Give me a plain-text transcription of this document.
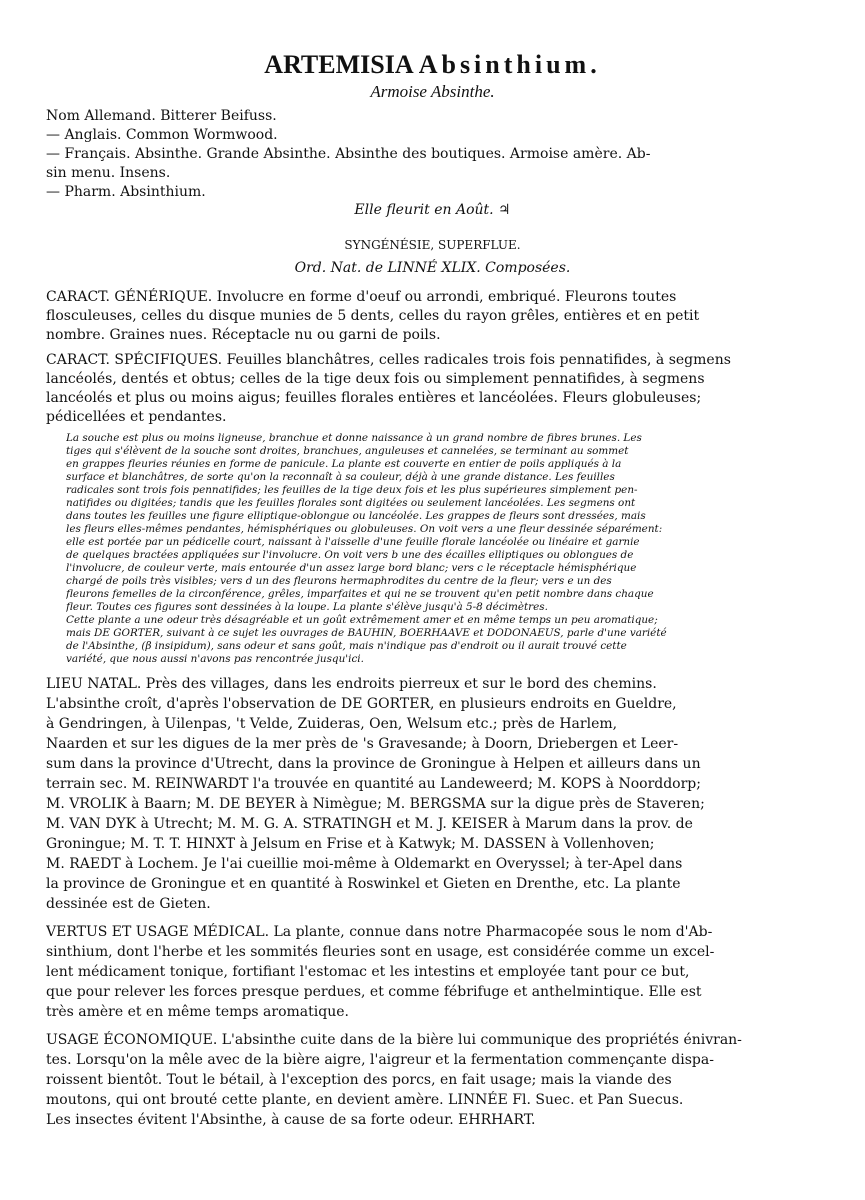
ARTEMISIA Absinthium.
Armoise Absinthe.
Nom Allemand. Bitterer Beifuss.
— Anglais. Common Wormwood.
— Français. Absinthe. Grande Absinthe. Absinthe des boutiques. Armoise amère. Ab-
sin menu. Insens.
— Pharm. Absinthium.
Elle fleurit en Août. ♃
SYNGÉNÉSIE, SUPERFLUE.
Ord. Nat. de LINNÉ XLIX. Composées.
CARACT. GÉNÉRIQUE. Involucre en forme d'oeuf ou arrondi, embriqué. Fleurons toutes
flosculeuses, celles du disque munies de 5 dents, celles du rayon grêles, entières et en petit
nombre. Graines nues. Réceptacle nu ou garni de poils.
CARACT. SPÉCIFIQUES. Feuilles blanchâtres, celles radicales trois fois pennatifides, à segmens
lancéolés, dentés et obtus; celles de la tige deux fois ou simplement pennatifides, à segmens
lancéolés et plus ou moins aigus; feuilles florales entières et lancéolées. Fleurs globuleuses;
pédicellées et pendantes.
La souche est plus ou moins ligneuse, branchue et donne naissance à un grand nombre de fibres brunes. Les
tiges qui s'élèvent de la souche sont droites, branchues, anguleuses et cannelées, se terminant au sommet
en grappes fleuries réunies en forme de panicule. La plante est couverte en entier de poils appliqués à la
surface et blanchâtres, de sorte qu'on la reconnaît à sa couleur, déjà à une grande distance. Les feuilles
radicales sont trois fois pennatifides; les feuilles de la tige deux fois et les plus supérieures simplement pen-
natifides ou digitées; tandis que les feuilles florales sont digitées ou seulement lancéolées. Les segmens ont
dans toutes les feuilles une figure elliptique-oblongue ou lancéolée. Les grappes de fleurs sont dressées, mais
les fleurs elles-mêmes pendantes, hémisphériques ou globuleuses. On voit vers a une fleur dessinée séparément:
elle est portée par un pédicelle court, naissant à l'aisselle d'une feuille florale lancéolée ou linéaire et garnie
de quelques bractées appliquées sur l'involucre. On voit vers b une des écailles elliptiques ou oblongues de
l'involucre, de couleur verte, mais entourée d'un assez large bord blanc; vers c le réceptacle hémisphérique
chargé de poils très visibles; vers d un des fleurons hermaphrodites du centre de la fleur; vers e un des
fleurons femelles de la circonférence, grêles, imparfaites et qui ne se trouvent qu'en petit nombre dans chaque
fleur. Toutes ces figures sont dessinées à la loupe. La plante s'élève jusqu'à 5-8 décimètres.
Cette plante a une odeur très désagréable et un goût extrêmement amer et en même temps un peu aromatique;
mais DE GORTER, suivant à ce sujet les ouvrages de BAUHIN, BOERHAAVE et DODONAEUS, parle d'une variété
de l'Absinthe, (β insipidum), sans odeur et sans goût, mais n'indique pas d'endroit ou il aurait trouvé cette
variété, que nous aussi n'avons pas rencontrée jusqu'ici.
LIEU NATAL. Près des villages, dans les endroits pierreux et sur le bord des chemins.
L'absinthe croît, d'après l'observation de DE GORTER, en plusieurs endroits en Gueldre,
à Gendringen, à Uilenpas, 't Velde, Zuideras, Oen, Welsum etc.; près de Harlem,
Naarden et sur les digues de la mer près de 's Gravesande; à Doorn, Driebergen et Leer-
sum dans la province d'Utrecht, dans la province de Groningue à Helpen et ailleurs dans un
terrain sec. M. REINWARDT l'a trouvée en quantité au Landeweerd; M. KOPS à Noorddorp;
M. VROLIK à Baarn; M. DE BEYER à Nimègue; M. BERGSMA sur la digue près de Staveren;
M. VAN DYK à Utrecht; M. M. G. A. STRATINGH et M. J. KEISER à Marum dans la prov. de
Groningue; M. T. T. HINXT à Jelsum en Frise et à Katwyk; M. DASSEN à Vollenhoven;
M. RAEDT à Lochem. Je l'ai cueillie moi-même à Oldemarkt en Overyssel; à ter-Apel dans
la province de Groningue et en quantité à Roswinkel et Gieten en Drenthe, etc. La plante
dessinée est de Gieten.
VERTUS ET USAGE MÉDICAL. La plante, connue dans notre Pharmacopée sous le nom d'Ab-
sinthium, dont l'herbe et les sommités fleuries sont en usage, est considérée comme un excel-
lent médicament tonique, fortifiant l'estomac et les intestins et employée tant pour ce but,
que pour relever les forces presque perdues, et comme fébrifuge et anthelmintique. Elle est
très amère et en même temps aromatique.
USAGE ÉCONOMIQUE. L'absinthe cuite dans de la bière lui communique des propriétés énivran-
tes. Lorsqu'on la mêle avec de la bière aigre, l'aigreur et la fermentation commençante dispa-
roissent bientôt. Tout le bétail, à l'exception des porcs, en fait usage; mais la viande des
moutons, qui ont brouté cette plante, en devient amère. LINNÉE Fl. Suec. et Pan Suecus.
Les insectes évitent l'Absinthe, à cause de sa forte odeur. EHRHART.
